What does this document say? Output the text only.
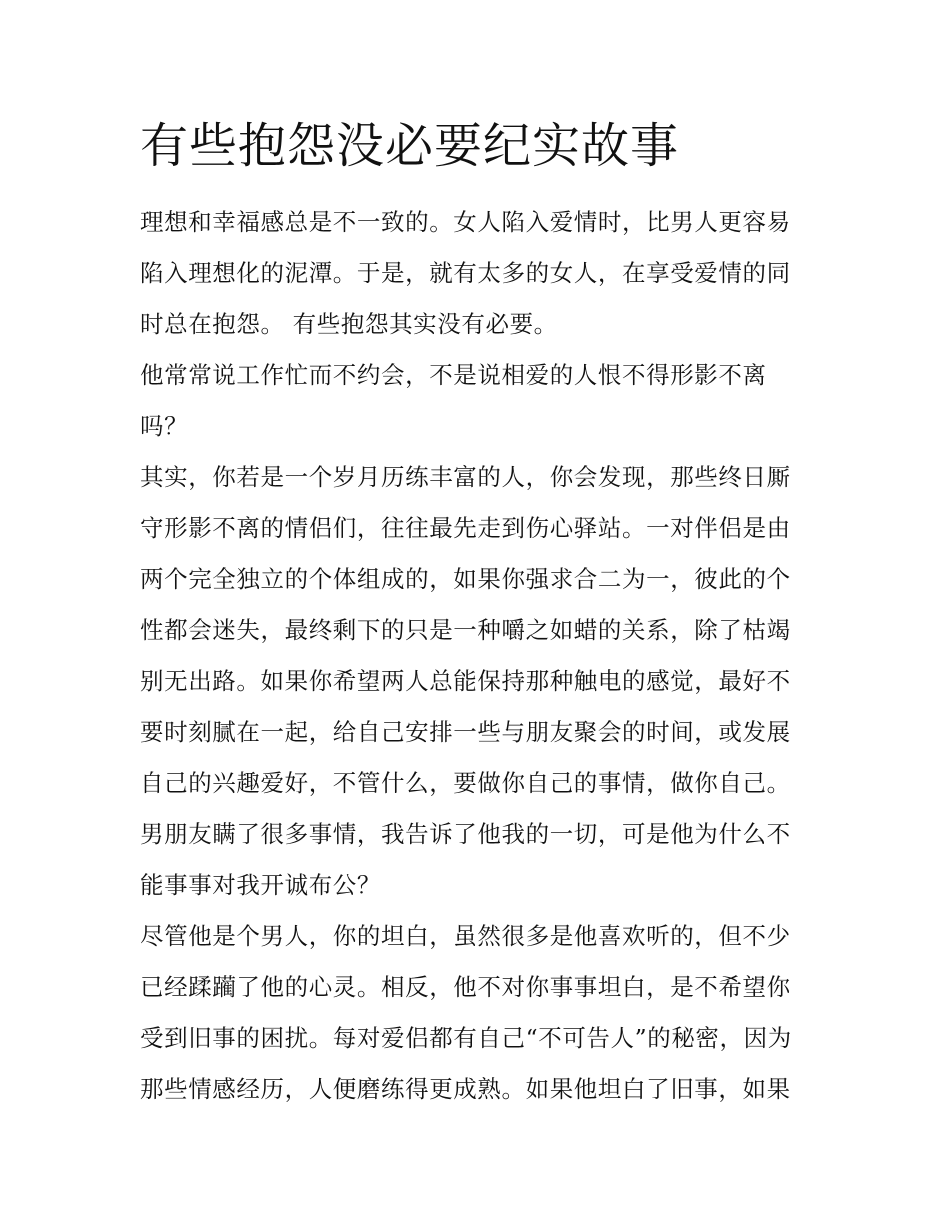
有些抱怨没必要纪实故事
理想和幸福感总是不一致的。女人陷入爱情时，比男人更容易
陷入理想化的泥潭。于是，就有太多的女人，在享受爱情的同
时总在抱怨。 有些抱怨其实没有必要。
他常常说工作忙而不约会，不是说相爱的人恨不得形影不离
吗？
其实，你若是一个岁月历练丰富的人，你会发现，那些终日厮
守形影不离的情侣们，往往最先走到伤心驿站。一对伴侣是由
两个完全独立的个体组成的，如果你强求合二为一，彼此的个
性都会迷失，最终剩下的只是一种嚼之如蜡的关系，除了枯竭
别无出路。如果你希望两人总能保持那种触电的感觉，最好不
要时刻腻在一起，给自己安排一些与朋友聚会的时间，或发展
自己的兴趣爱好，不管什么，要做你自己的事情，做你自己。
男朋友瞒了很多事情，我告诉了他我的一切，可是他为什么不
能事事对我开诚布公？
尽管他是个男人，你的坦白，虽然很多是他喜欢听的，但不少
已经蹂躏了他的心灵。相反，他不对你事事坦白，是不希望你
受到旧事的困扰。每对爱侣都有自己“不可告人”的秘密，因为
那些情感经历，人便磨练得更成熟。如果他坦白了旧事，如果
